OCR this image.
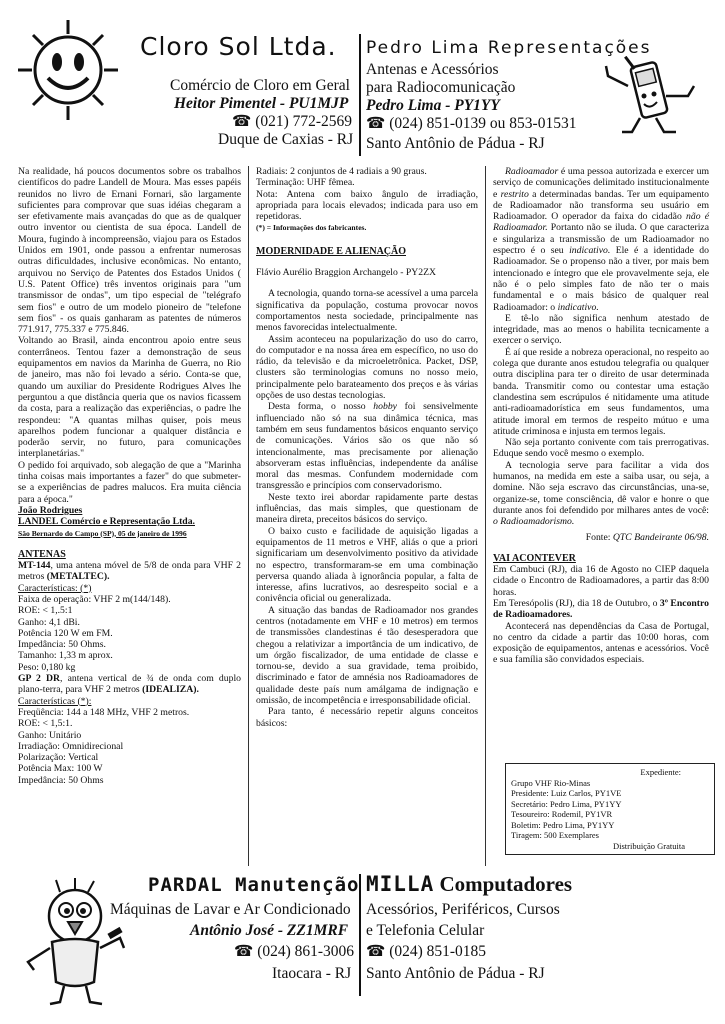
Cloro Sol Ltda.
Comércio de Cloro em Geral
Heitor Pimentel - PU1MJP
☎ (021) 772-2569
Duque de Caxias - RJ
Pedro Lima Representações
Antenas e Acessórios
para Radiocomunicação
Pedro Lima - PY1YY
☎ (024) 851-0139 ou 853-01531
Santo Antônio de Pádua - RJ

Na realidade, há poucos documentos sobre os trabalhos científicos do padre Landell de Moura. Mas esses papéis reunidos no livro de Ernani Fornari, são largamente suficientes para comprovar que suas idéias chegaram a ser efetivamente mais avançadas do que as de qualquer outro inventor ou cientista de sua época. Landell de Moura, fugindo à incompreensão, viajou para os Estados Unidos em 1901, onde passou a enfrentar numerosas outras dificuldades, inclusive econômicas. No entanto, arquivou no Serviço de Patentes dos Estados Unidos ( U.S. Patent Office) três inventos originais para "um transmissor de ondas", um tipo especial de "telégrafo sem fios" e outro de um modelo pioneiro de "telefone sem fios" - os quais ganharam as patentes de números 771.917, 775.337 e 775.846.

Voltando ao Brasil, ainda encontrou apoio entre seus conterrâneos. Tentou fazer a demonstração de seus equipamentos em navios da Marinha de Guerra, no Rio de janeiro, mas não foi levado a sério. Conta-se que, quando um auxiliar do Presidente Rodrigues Alves lhe perguntou a que distância queria que os navios ficassem da costa, para a realização das experiências, o padre lhe respondeu: "A quantas milhas quiser, pois meus aparelhos podem funcionar a qualquer distância e poderão servir, no futuro, para comunicações interplanetárias."

O pedido foi arquivado, sob alegação de que a "Marinha tinha coisas mais importantes a fazer" do que submeter-se a experiências de padres malucos. Era muita ciência para a época."

João Rodrigues

LANDEL Comércio e Representação Ltda.

São Bernardo do Campo (SP), 05 de janeiro de 1996

ANTENAS

MT-144, uma antena móvel de 5/8 de onda para VHF 2 metros (METALTEC).

Características: (*)

Faixa de operação: VHF 2 m(144/148).

ROE: < 1,.5:1

Ganho: 4,1 dBi.

Potência 120 W em FM.

Impedância: 50 Ohms.

Tamanho: 1,33 m aprox.

Peso: 0,180 kg

GP 2 DR, antena vertical de ¾ de onda com duplo plano-terra, para VHF 2 metros (IDEALIZA).

Características (*):

Freqüência: 144 a 148 MHz, VHF 2 metros.

ROE: < 1,5:1.

Ganho: Unitário

Irradiação: Omnidirecional

Polarização: Vertical

Potência Max: 100 W

Impedância: 50 Ohms

Radiais: 2 conjuntos de 4 radiais a 90 graus.

Terminação: UHF fêmea.

Nota: Antena com baixo ângulo de irradiação, apropriada para locais elevados; indicada para uso em repetidoras.

(*) = Informações dos fabricantes.

MODERNIDADE E ALIENAÇÃO

Flávio Aurélio Braggion Archangelo - PY2ZX

A tecnologia, quando torna-se acessível a uma parcela significativa da população, costuma provocar novos comportamentos nesta sociedade, principalmente nas menos favorecidas intelectualmente.

Assim aconteceu na popularização do uso do carro, do computador e na nossa área em específico, no uso do rádio, da televisão e da microeletrônica. Packet, DSP, clusters são terminologias comuns no nosso meio, principalmente pelo barateamento dos preços e às várias opções de uso destas tecnologias.

Desta forma, o nosso hobby foi sensivelmente influenciado não só na sua dinâmica técnica, mas também em seus fundamentos básicos enquanto serviço de comunicações. Vários são os que não só intencionalmente, mas precisamente por alienação absorveram estas influências, independente da análise moral das mesmas. Confundem modernidade com transgressão e princípios com conservadorismo.

Neste texto irei abordar rapidamente parte destas influências, das mais simples, que questionam de maneira direta, preceitos básicos do serviço.

O baixo custo e facilidade de aquisição ligadas a equipamentos de 11 metros e VHF, aliás o que a priori significariam um desenvolvimento positivo da atividade no espectro, transformaram-se em uma combinação perversa quando aliada à ignorância popular, a falta de interesse, afins lucrativos, ao desrespeito social e a conivência oficial ou generalizada.

A situação das bandas de Radioamador nos grandes centros (notadamente em VHF e 10 metros) em termos de transmissões clandestinas é tão desesperadora que chegou a relativizar a importância de um indicativo, de um órgão fiscalizador, de uma entidade de classe e tornou-se, devido a sua gravidade, tema proibido, discriminado e fator de amnésia nos Radioamadores de qualidade deste país num amálgama de indignação e omissão, de incompetência e irresponsabilidade oficial.

Para tanto, é necessário repetir alguns conceitos básicos:

Radioamador é uma pessoa autorizada e exercer um serviço de comunicações delimitado institucionalmente e restrito a determinadas bandas. Ter um equipamento de Radioamador não transforma seu usuário em Radioamador. O operador da faixa do cidadão não é Radioamador. Portanto não se iluda. O que caracteriza e singulariza a transmissão de um Radioamador no espectro é o seu indicativo. Ele é a identidade do Radioamador. Se o propenso não a tiver, por mais bem intencionado e íntegro que ele provavelmente seja, ele não é o pelo simples fato de não ter o mais fundamental e o mais básico de qualquer real Radioamador: o indicativo.

E tê-lo não significa nenhum atestado de integridade, mas ao menos o habilita tecnicamente a exercer o serviço.

É aí que reside a nobreza operacional, no respeito ao colega que durante anos estudou telegrafia ou qualquer outra disciplina para ter o direito de usar determinada banda. Transmitir como ou contestar uma estação clandestina sem escrúpulos é nitidamente uma atitude anti-radioamadorística em seus fundamentos, uma atitude imoral em termos de respeito mútuo e uma atitude criminosa e injusta em termos legais.

Não seja portanto conivente com tais prerrogativas. Eduque sendo você mesmo o exemplo.

A tecnologia serve para facilitar a vida dos humanos, na medida em este a saiba usar, ou seja, a domine. Não seja escravo das circunstâncias, una-se, organize-se, tome consciência, dê valor e honre o que durante anos foi defendido por milhares antes de você: o Radioamadorismo.

Fonte: QTC Bandeirante 06/98.

VAI ACONTEVER

Em Cambuci (RJ), dia 16 de Agosto no CIEP daquela cidade o Encontro de Radioamadores, a partir das 8:00 horas.

Em Teresópolis (RJ), dia 18 de Outubro, o 3º Encontro de Radioamadores.

Acontecerá nas dependências da Casa de Portugal, no centro da cidade a partir das 10:00 horas, com exposição de equipamentos, antenas e acessórios. Você e sua família são convidados especiais.

Expediente:
Grupo VHF Rio-Minas
Presidente: Luiz Carlos, PY1VE
Secretário: Pedro Lima, PY1YY
Tesoureiro: Rodemil, PY1VR
Boletim: Pedro Lima, PY1YY
Tiragem: 500 Exemplares
Distribuição Gratuita
PARDAL Manutenção
Máquinas de Lavar e Ar Condicionado
Antônio José - ZZ1MRF
☎ (024) 861-3006
Itaocara - RJ
MILLA Computadores
Acessórios, Periféricos, Cursos
e Telefonia Celular
☎ (024) 851-0185
Santo Antônio de Pádua - RJ
